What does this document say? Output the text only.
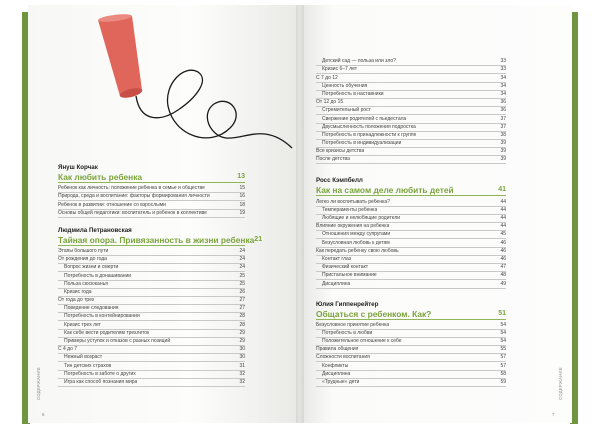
Януш Корчак
Как любить ребенка	13
Ребенок как личность: положение ребенка в семье и обществе	15
Природа, среда и воспитание: факторы формирования личности	16
Ребенок в развитии: отношение со взрослыми	18
Основы общей педагогики: воспитатель и ребенок в коллективе	19
Людмила Петрановская
Тайная опора. Привязанность в жизни ребенка 21
Этапы большого пути	24
От рождения до года	24
Вопрос жизни и смерти	24
Потребность в донашивании	25
Польза сюсюканья	25
Кризис года	26
От года до трех	27
Поведение следования	27
Потребность в контейнировании	28
Кризис трех лет	28
Как себе вести родителям трехлеток	29
Примеры уступок и отказов с разных позиций	29
С 4 до 7	30
Нежный возраст	30
Тин детских страхов	31
Потребность в заботе о других	32
Игра как способ познания мира	32
СОДЕРЖАНИЕ
6
Детский сад — польза или зло?	33
Кризис 6–7 лет	33
С 7 до 12	34
Ценность обучения	34
Потребность в наставники	34
От 12 до 15	36
Стремительный рост	36
Свержение родителей с пьедестала	37
Двусмысленность положения подростка	37
Потребность в принадлежности к группе	38
Потребность в индивидуализации	39
Все кризисы детства	39
После детства	39
Росс Кэмпбелл
Как на самом деле любить детей	41
Легко ли воспитывать ребенка?	44
Темпераменты ребенка	44
Любящие и нелюбящие родители	44
Влияние окружения на ребенка	44
Отношения между супругами	45
Безусловная любовь к детям	46
Как передать ребенку свою любовь	46
Контакт глаз	46
Физический контакт	47
Пристальное внимание	48
Дисциплина	49
Юлия Гиппенрейтер
Общаться с ребенком. Как?	51
Безусловное принятие ребенка	54
Потребность в любви	54
Положительное отношение к себе	54
Правила общения	55
Сложности воспитания	57
Конфликты	57
Дисциплина	58
«Трудные» дети	59	СОДЕРЖАНИЕ
7
